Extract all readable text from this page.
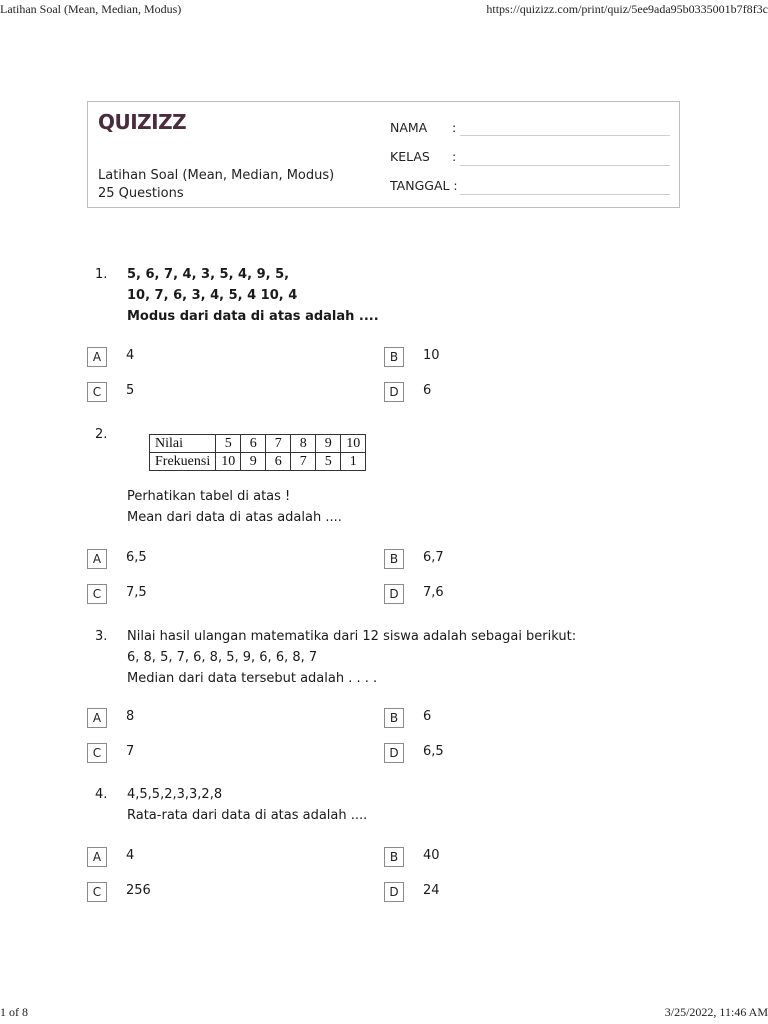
Latihan Soal (Mean, Median, Modus)	https://quizizz.com/print/quiz/5ee9ada95b0335001b7f8f3c
QUIZIZZ
Latihan Soal (Mean, Median, Modus)
25 Questions
NAMA :
KELAS :
TANGGAL :
1. 5, 6, 7, 4, 3, 5, 4, 9, 5,
10, 7, 6, 3, 4, 5, 4 10, 4
Modus dari data di atas adalah ....
A	4	B	10
C	5	D	6
2.
Nilai	5	6	7	8	9	10
Frekuensi	10	9	6	7	5	1
Perhatikan tabel di atas !
Mean dari data di atas adalah ....
A	6,5	B	6,7
C	7,5	D	7,6
3. Nilai hasil ulangan matematika dari 12 siswa adalah sebagai berikut:
6, 8, 5, 7, 6, 8, 5, 9, 6, 6, 8, 7
Median dari data tersebut adalah . . . .
A	8	B	6
C	7	D	6,5
4. 4,5,5,2,3,3,2,8
Rata-rata dari data di atas adalah ....
A	4	B	40
C	256	D	24
1 of 8	3/25/2022, 11:46 AM
